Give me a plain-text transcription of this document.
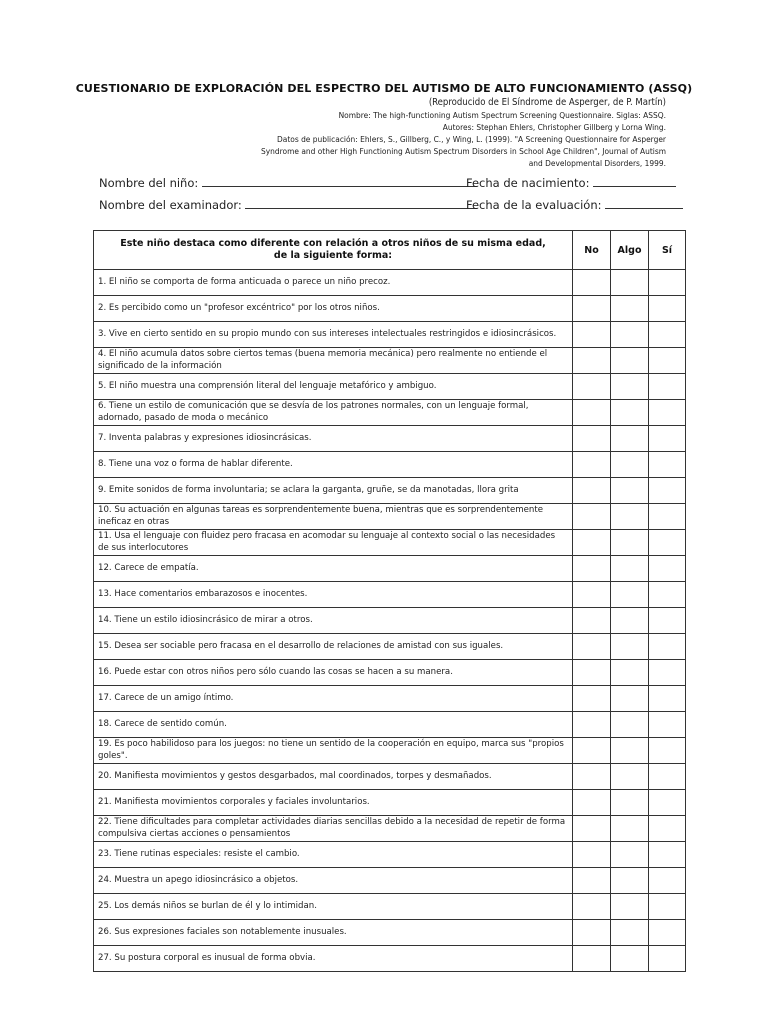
CUESTIONARIO DE EXPLORACIÓN DEL ESPECTRO DEL AUTISMO DE ALTO FUNCIONAMIENTO (ASSQ)
(Reproducido de El Síndrome de Asperger, de P. Martín)
Nombre: The high-functioning Autism Spectrum Screening Questionnaire. Siglas: ASSQ.
Autores: Stephan Ehlers, Christopher Gillberg y Lorna Wing.
Datos de publicación: Ehlers, S., Gillberg, C., y Wing, L. (1999). "A Screening Questionnaire for Asperger
Syndrome and other High Functioning Autism Spectrum Disorders in School Age Children", Journal of Autism
and Developmental Disorders, 1999.
Nombre del niño:	Fecha de nacimiento:
Nombre del examinador:	Fecha de la evaluación:
Este niño destaca como diferente con relación a otros niños de su misma edad,
de la siguiente forma:	No	Algo	Sí
1. El niño se comporta de forma anticuada o parece un niño precoz.			
2. Es percibido como un "profesor excéntrico" por los otros niños.			
3. Vive en cierto sentido en su propio mundo con sus intereses intelectuales restringidos e idiosincrásicos.			
4. El niño acumula datos sobre ciertos temas (buena memoria mecánica) pero realmente no entiende el significado de la información			
5. El niño muestra una comprensión literal del lenguaje metafórico y ambiguo.			
6. Tiene un estilo de comunicación que se desvía de los patrones normales, con un lenguaje formal, adornado, pasado de moda o mecánico			
7. Inventa palabras y expresiones idiosincrásicas.			
8. Tiene una voz o forma de hablar diferente.			
9. Emite sonidos de forma involuntaria; se aclara la garganta, gruñe, se da manotadas, llora grita			
10. Su actuación en algunas tareas es sorprendentemente buena, mientras que es sorprendentemente ineficaz en otras			
11. Usa el lenguaje con fluidez pero fracasa en acomodar su lenguaje al contexto social o las necesidades de sus interlocutores			
12. Carece de empatía.			
13. Hace comentarios embarazosos e inocentes.			
14. Tiene un estilo idiosincrásico de mirar a otros.			
15. Desea ser sociable pero fracasa en el desarrollo de relaciones de amistad con sus iguales.			
16. Puede estar con otros niños pero sólo cuando las cosas se hacen a su manera.			
17. Carece de un amigo íntimo.			
18. Carece de sentido común.			
19. Es poco habilidoso para los juegos: no tiene un sentido de la cooperación en equipo, marca sus "propios goles".			
20. Manifiesta movimientos y gestos desgarbados, mal coordinados, torpes y desmañados.			
21. Manifiesta movimientos corporales y faciales involuntarios.			
22. Tiene dificultades para completar actividades diarias sencillas debido a la necesidad de repetir de forma compulsiva ciertas acciones o pensamientos			
23. Tiene rutinas especiales: resiste el cambio.			
24. Muestra un apego idiosincrásico a objetos.			
25. Los demás niños se burlan de él y lo intimidan.			
26. Sus expresiones faciales son notablemente inusuales.			
27. Su postura corporal es inusual de forma obvia.			
